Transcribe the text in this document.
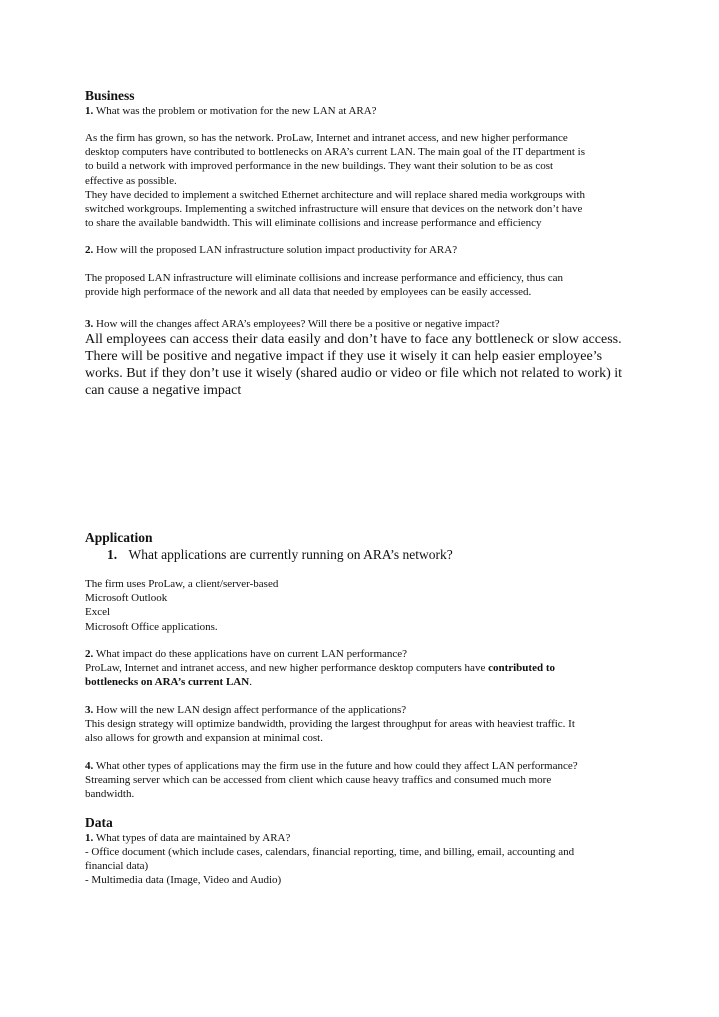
Business
1. What was the problem or motivation for the new LAN at ARA?
As the firm has grown, so has the network. ProLaw, Internet and intranet access, and new higher performance
desktop computers have contributed to bottlenecks on ARA’s current LAN. The main goal of the IT department is
to build a network with improved performance in the new buildings. They want their solution to be as cost
effective as possible.
They have decided to implement a switched Ethernet architecture and will replace shared media workgroups with
switched workgroups. Implementing a switched infrastructure will ensure that devices on the network don’t have
to share the available bandwidth. This will eliminate collisions and increase performance and efficiency
2. How will the proposed LAN infrastructure solution impact productivity for ARA?
The proposed LAN infrastructure will eliminate collisions and increase performance and efficiency, thus can
provide high performace of the nework and all data that needed by employees can be easily accessed.
3. How will the changes affect ARA’s employees? Will there be a positive or negative impact?
All employees can access their data easily and don’t have to face any bottleneck or slow access.
There will be positive and negative impact if they use it wisely it can help easier employee’s
works. But if they don’t use it wisely (shared audio or video or file which not related to work) it
can cause a negative impact
Application
1. What applications are currently running on ARA’s network?
The firm uses ProLaw, a client/server-based
Microsoft Outlook
Excel
Microsoft Office applications.
2. What impact do these applications have on current LAN performance?
ProLaw, Internet and intranet access, and new higher performance desktop computers have contributed to
bottlenecks on ARA’s current LAN.
3. How will the new LAN design affect performance of the applications?
This design strategy will optimize bandwidth, providing the largest throughput for areas with heaviest traffic. It
also allows for growth and expansion at minimal cost.
4. What other types of applications may the firm use in the future and how could they affect LAN performance?
Streaming server which can be accessed from client which cause heavy traffics and consumed much more
bandwidth.
Data
1. What types of data are maintained by ARA?
- Office document (which include cases, calendars, financial reporting, time, and billing, email, accounting and
financial data)
- Multimedia data (Image, Video and Audio)
